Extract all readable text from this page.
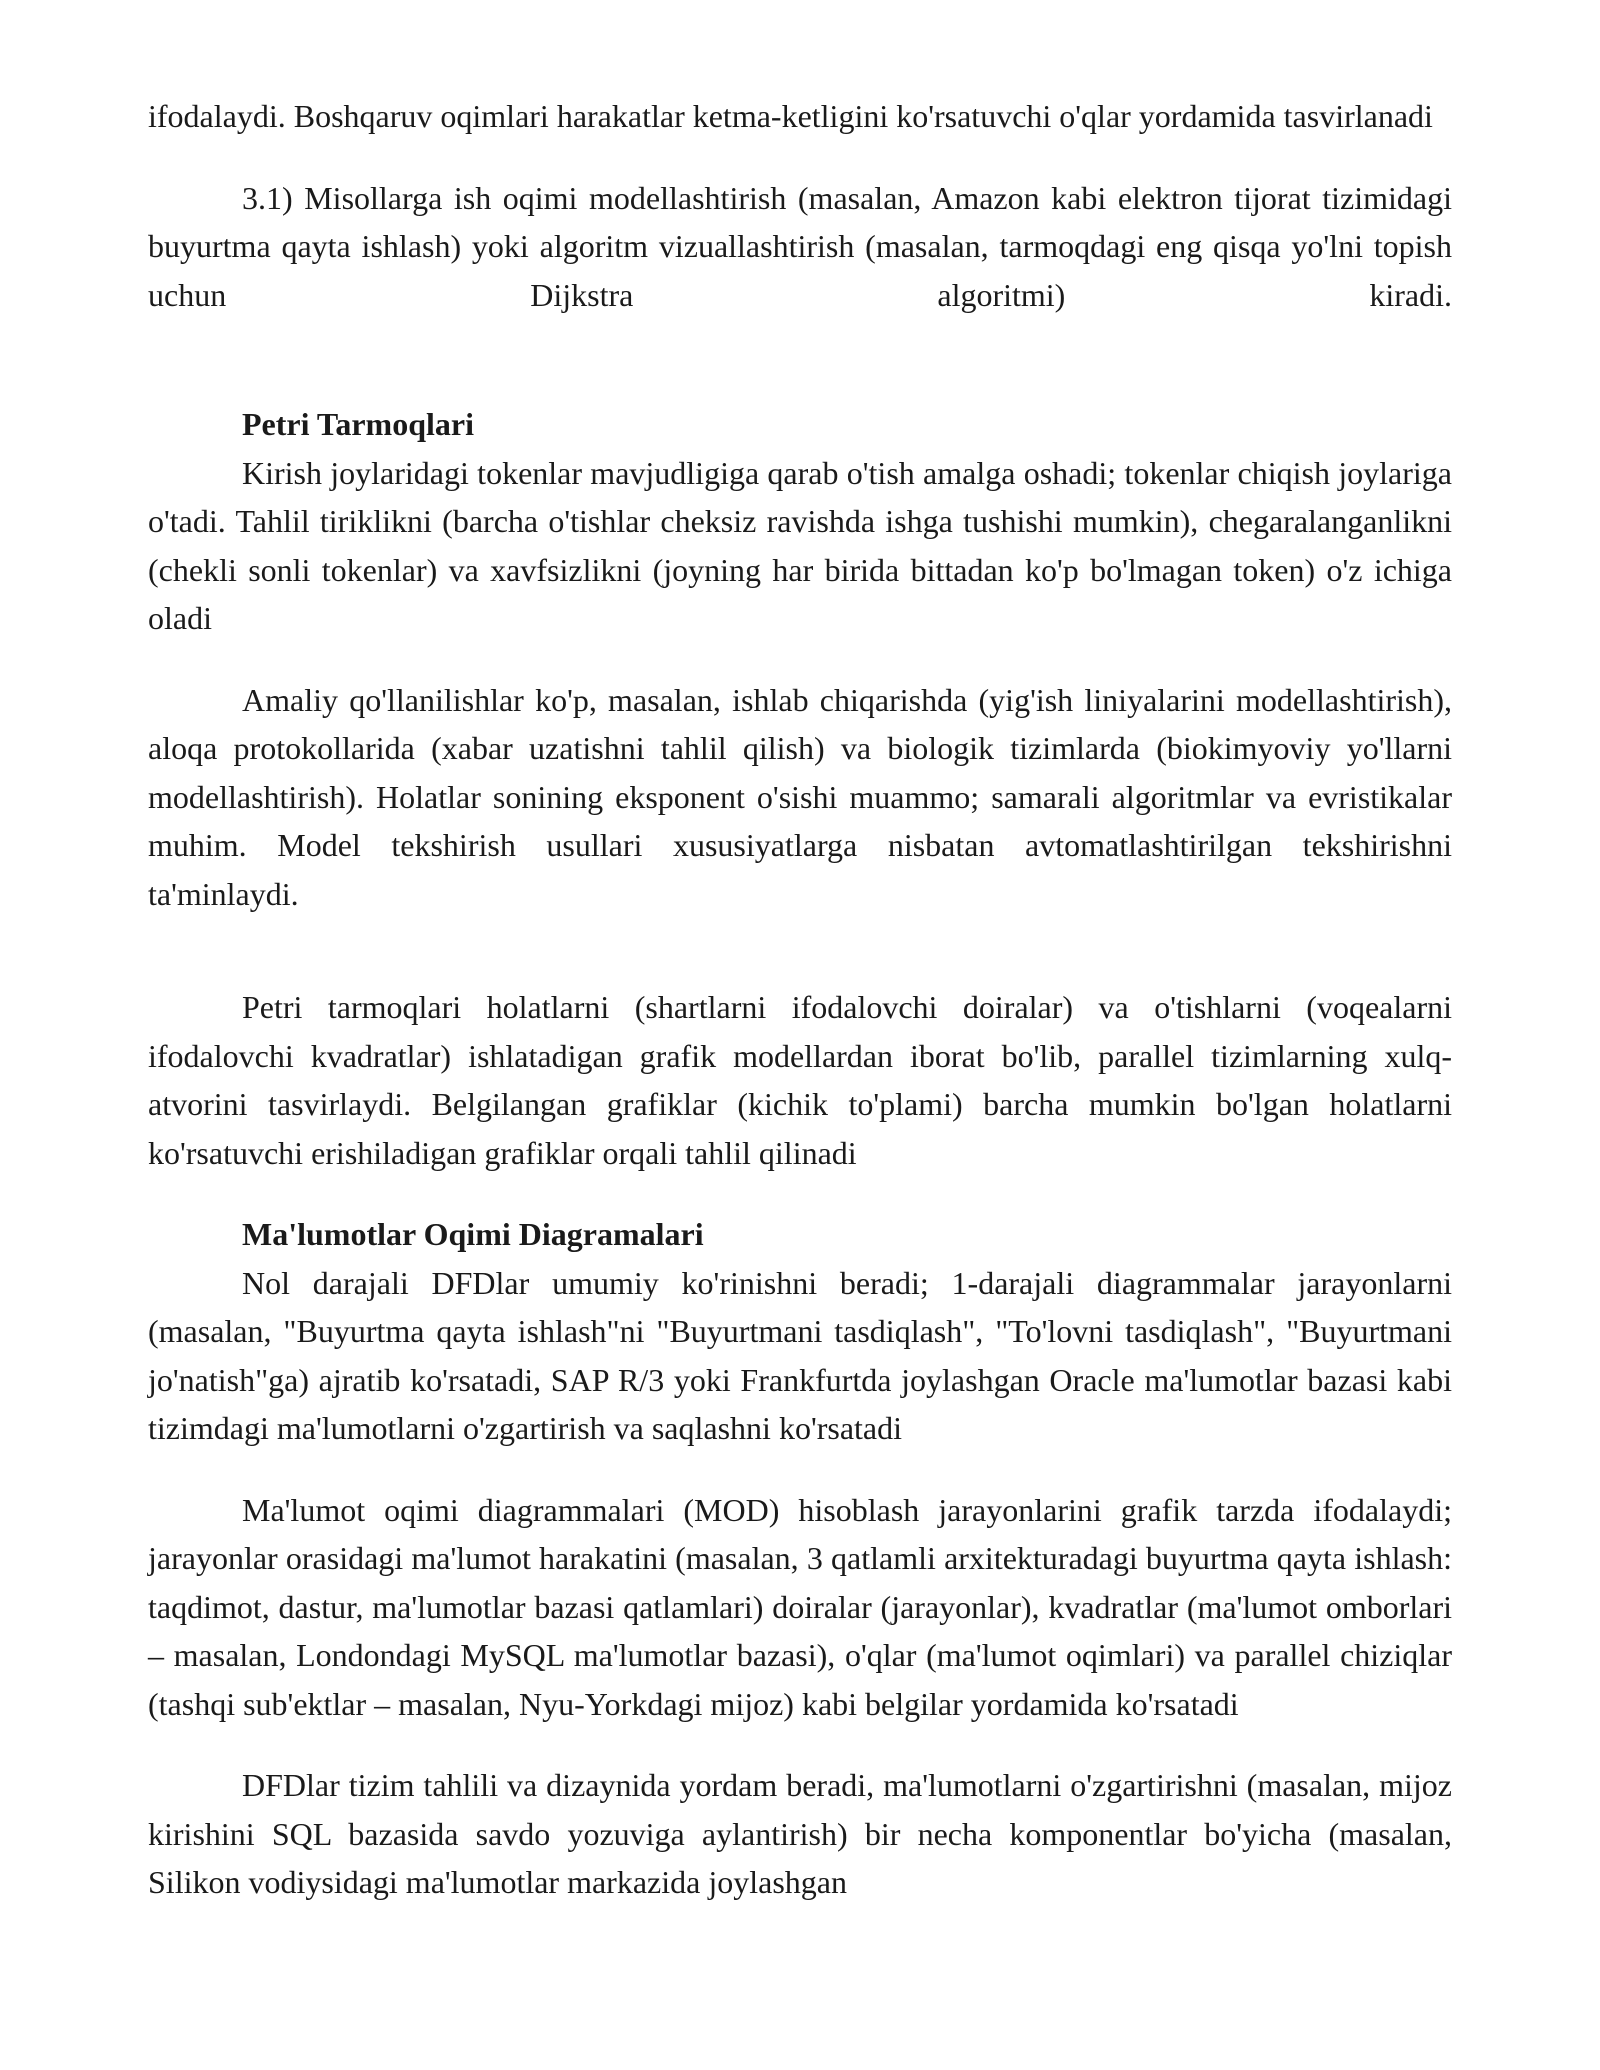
ifodalaydi. Boshqaruv oqimlari harakatlar ketma-ketligini ko'rsatuvchi o'qlar yordamida tasvirlanadi

3.1) Misollarga ish oqimi modellashtirish (masalan, Amazon kabi elektron tijorat tizimidagi buyurtma qayta ishlash) yoki algoritm vizuallashtirish (masalan, tarmoqdagi eng qisqa yo'lni topish uchun Dijkstra algoritmi) kiradi.

Petri Tarmoqlari

Kirish joylaridagi tokenlar mavjudligiga qarab o'tish amalga oshadi; tokenlar chiqish joylariga o'tadi. Tahlil tiriklikni (barcha o'tishlar cheksiz ravishda ishga tushishi mumkin), chegaralanganlikni (chekli sonli tokenlar) va xavfsizlikni (joyning har birida bittadan ko'p bo'lmagan token) o'z ichiga oladi

Amaliy qo'llanilishlar ko'p, masalan, ishlab chiqarishda (yig'ish liniyalarini modellashtirish), aloqa protokollarida (xabar uzatishni tahlil qilish) va biologik tizimlarda (biokimyoviy yo'llarni modellashtirish). Holatlar sonining eksponent o'sishi muammo; samarali algoritmlar va evristikalar muhim. Model tekshirish usullari xususiyatlarga nisbatan avtomatlashtirilgan tekshirishni ta'minlaydi.

Petri tarmoqlari holatlarni (shartlarni ifodalovchi doiralar) va o'tishlarni (voqealarni ifodalovchi kvadratlar) ishlatadigan grafik modellardan iborat bo'lib, parallel tizimlarning xulq-atvorini tasvirlaydi. Belgilangan grafiklar (kichik to'plami) barcha mumkin bo'lgan holatlarni ko'rsatuvchi erishiladigan grafiklar orqali tahlil qilinadi

Ma'lumotlar Oqimi Diagramalari

Nol darajali DFDlar umumiy ko'rinishni beradi; 1-darajali diagrammalar jarayonlarni (masalan, "Buyurtma qayta ishlash"ni "Buyurtmani tasdiqlash", "To'lovni tasdiqlash", "Buyurtmani jo'natish"ga) ajratib ko'rsatadi, SAP R/3 yoki Frankfurtda joylashgan Oracle ma'lumotlar bazasi kabi tizimdagi ma'lumotlarni o'zgartirish va saqlashni ko'rsatadi

Ma'lumot oqimi diagrammalari (MOD) hisoblash jarayonlarini grafik tarzda ifodalaydi; jarayonlar orasidagi ma'lumot harakatini (masalan, 3 qatlamli arxitekturadagi buyurtma qayta ishlash: taqdimot, dastur, ma'lumotlar bazasi qatlamlari) doiralar (jarayonlar), kvadratlar (ma'lumot omborlari – masalan, Londondagi MySQL ma'lumotlar bazasi), o'qlar (ma'lumot oqimlari) va parallel chiziqlar (tashqi sub'ektlar – masalan, Nyu-Yorkdagi mijoz) kabi belgilar yordamida ko'rsatadi

DFDlar tizim tahlili va dizaynida yordam beradi, ma'lumotlarni o'zgartirishni (masalan, mijoz kirishini SQL bazasida savdo yozuviga aylantirish) bir necha komponentlar bo'yicha (masalan, Silikon vodiysidagi ma'lumotlar markazida joylashgan
